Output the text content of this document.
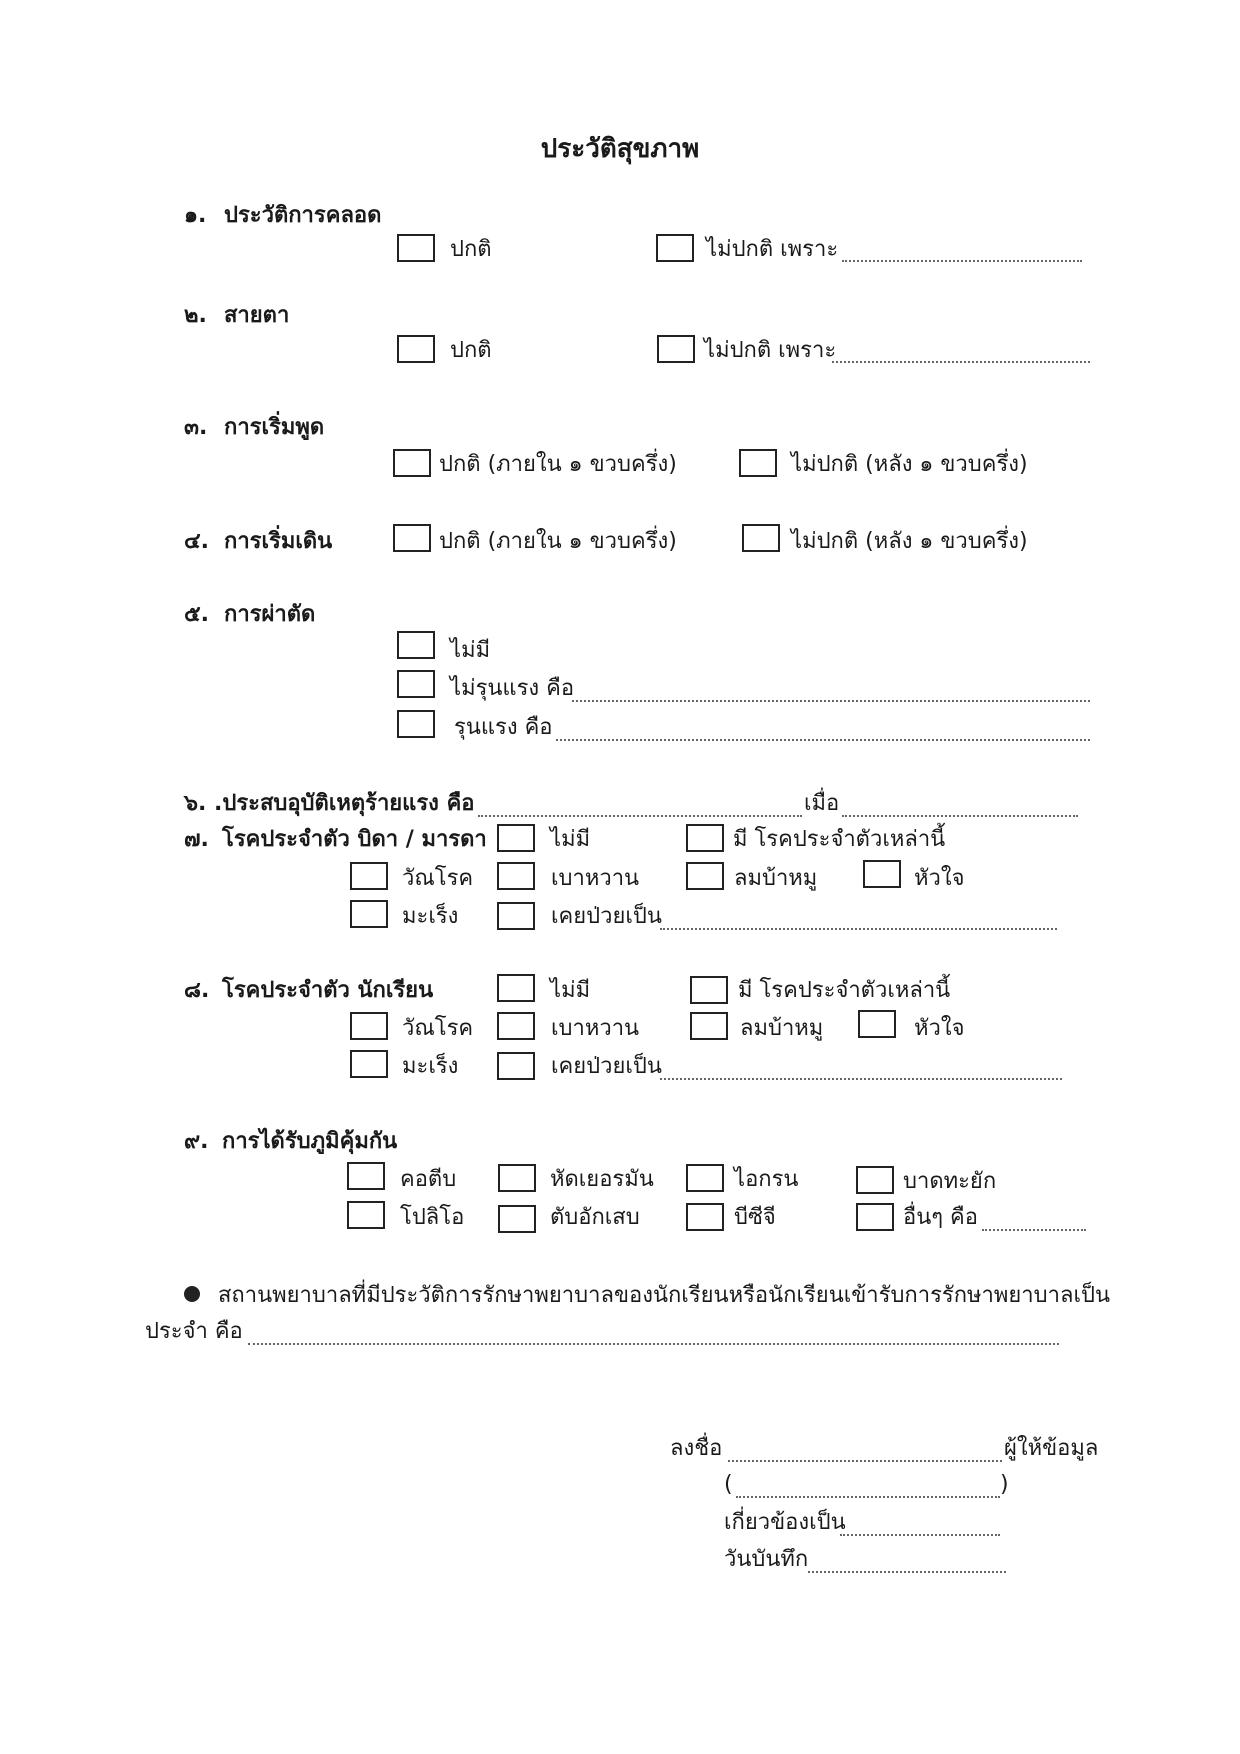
ประวัติสุขภาพ
๑. ประวัติการคลอด
ปกติ	ไม่ปกติ เพราะ
๒. สายตา
ปกติ	ไม่ปกติ เพราะ
๓. การเริ่มพูด
ปกติ (ภายใน ๑ ขวบครึ่ง)	ไม่ปกติ (หลัง ๑ ขวบครึ่ง)
๔. การเริ่มเดิน	ปกติ (ภายใน ๑ ขวบครึ่ง)	ไม่ปกติ (หลัง ๑ ขวบครึ่ง)
๕. การผ่าตัด
ไม่มี
ไม่รุนแรง คือ
รุนแรง คือ
๖. .ประสบอุบัติเหตุร้ายแรง คือ	เมื่อ
๗. โรคประจำตัว บิดา / มารดา	ไม่มี	มี โรคประจำตัวเหล่านี้
วัณโรค	เบาหวาน	ลมบ้าหมู	หัวใจ
มะเร็ง	เคยป่วยเป็น
๘. โรคประจำตัว นักเรียน	ไม่มี	มี โรคประจำตัวเหล่านี้
วัณโรค	เบาหวาน	ลมบ้าหมู	หัวใจ
มะเร็ง	เคยป่วยเป็น
๙. การได้รับภูมิคุ้มกัน
คอตีบ	หัดเยอรมัน	ไอกรน	บาดทะยัก
โปลิโอ	ตับอักเสบ	บีซีจี	อื่นๆ คือ
สถานพยาบาลที่มีประวัติการรักษาพยาบาลของนักเรียนหรือนักเรียนเข้ารับการรักษาพยาบาลเป็น
ประจำ คือ
ลงชื่อ	ผู้ให้ข้อมูล
(	)
เกี่ยวข้องเป็น
วันบันทึก
